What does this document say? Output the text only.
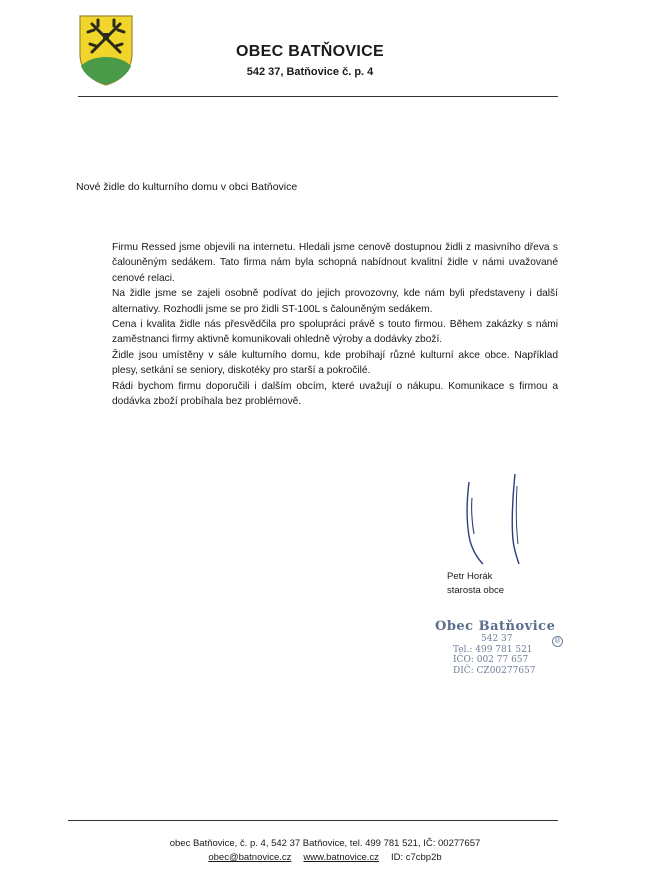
OBEC BATŇOVICE
542 37, Batňovice č. p. 4
Nové židle do kulturního domu v obci Batňovice

Firmu Ressed jsme objevili na internetu. Hledali jsme cenově dostupnou židli z masivního dřeva s čalouněným sedákem. Tato firma nám byla schopná nabídnout kvalitní židle v námi uvažované cenové relaci.

Na židle jsme se zajeli osobně podívat do jejich provozovny, kde nám byli představeny i další alternativy. Rozhodli jsme se pro židli ST-100L s čalouněným sedákem.

Cena i kvalita židle nás přesvědčila pro spolupráci právě s touto firmou. Během zakázky s námi zaměstnanci firmy aktivně komunikovali ohledně výroby a dodávky zboží.

Židle jsou umístěny v sále kulturního domu, kde probíhají různé kulturní akce obce. Například plesy, setkání se seniory, diskotéky pro starší a pokročilé.

Rádi bychom firmu doporučili i dalším obcím, které uvažují o nákupu. Komunikace s firmou a dodávka zboží probíhala bez problémově.

Petr Horák
starosta obce
Obec Batňovice
542 37
Tel.: 499 781 521
IČO: 002 77 657
DIČ: CZ00277657
®
obec Batňovice, č. p. 4, 542 37 Batňovice, tel. 499 781 521, IČ: 00277657
obec@batnovice.cz www.batnovice.cz ID: c7cbp2b
